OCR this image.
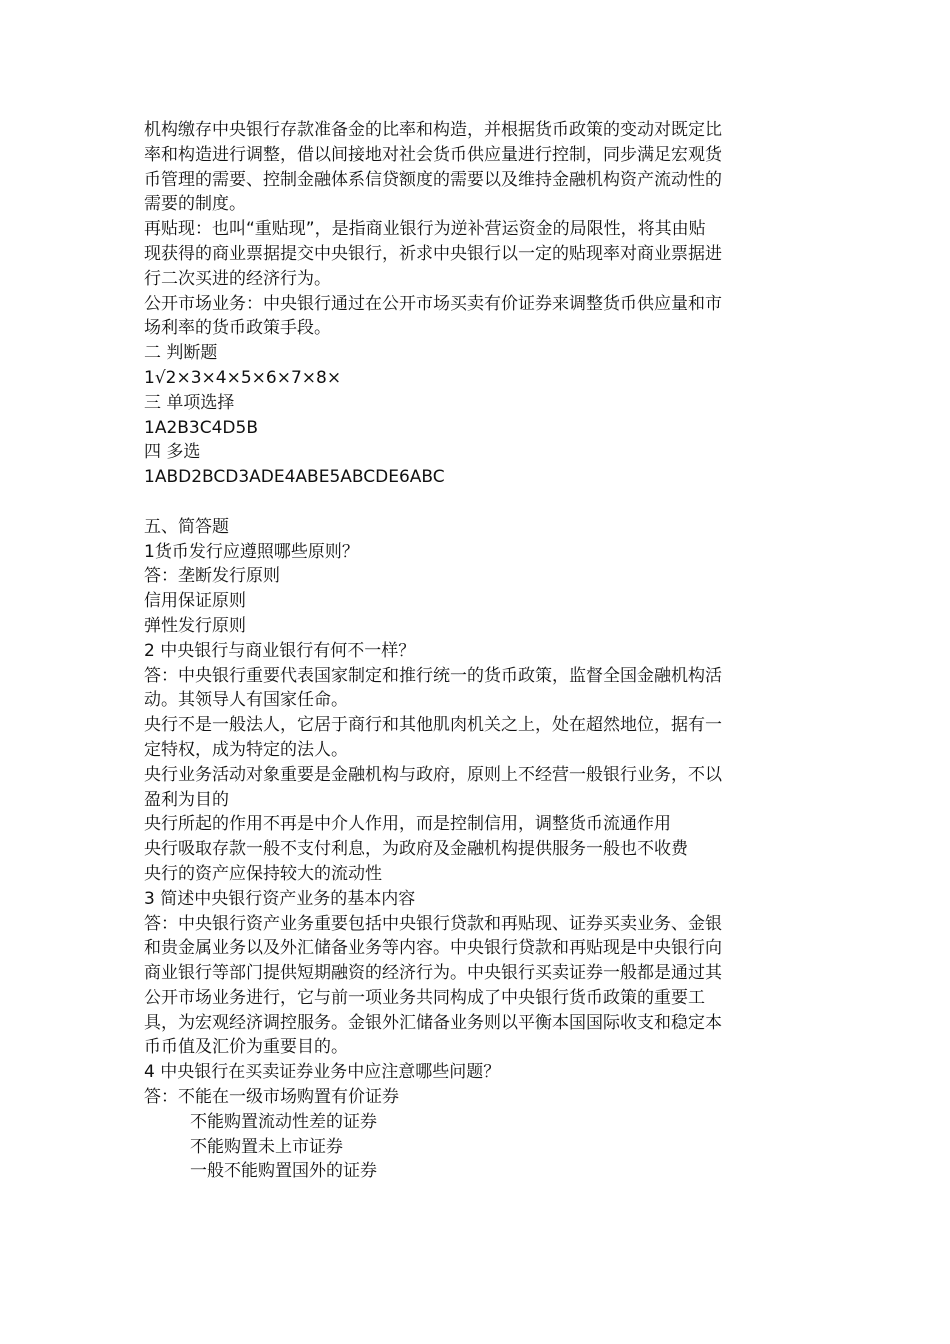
机构缴存中央银行存款准备金的比率和构造，并根据货币政策的变动对既定比
率和构造进行调整，借以间接地对社会货币供应量进行控制，同步满足宏观货
币管理的需要、控制金融体系信贷额度的需要以及维持金融机构资产流动性的
需要的制度。
再贴现：也叫“重贴现”，是指商业银行为逆补营运资金的局限性，将其由贴
现获得的商业票据提交中央银行，祈求中央银行以一定的贴现率对商业票据进
行二次买进的经济行为。
公开市场业务：中央银行通过在公开市场买卖有价证券来调整货币供应量和市
场利率的货币政策手段。
二 判断题
1√2×3×4×5×6×7×8×
三 单项选择
1A2B3C4D5B
四 多选
1ABD2BCD3ADE4ABE5ABCDE6ABC
五、简答题
1货币发行应遵照哪些原则？
答：垄断发行原则
信用保证原则
弹性发行原则
2 中央银行与商业银行有何不一样？
答：中央银行重要代表国家制定和推行统一的货币政策，监督全国金融机构活
动。其领导人有国家任命。
央行不是一般法人，它居于商行和其他肌肉机关之上，处在超然地位，据有一
定特权，成为特定的法人。
央行业务活动对象重要是金融机构与政府，原则上不经营一般银行业务，不以
盈利为目的
央行所起的作用不再是中介人作用，而是控制信用，调整货币流通作用
央行吸取存款一般不支付利息，为政府及金融机构提供服务一般也不收费
央行的资产应保持较大的流动性
3 简述中央银行资产业务的基本内容
答：中央银行资产业务重要包括中央银行贷款和再贴现、证券买卖业务、金银
和贵金属业务以及外汇储备业务等内容。中央银行贷款和再贴现是中央银行向
商业银行等部门提供短期融资的经济行为。中央银行买卖证券一般都是通过其
公开市场业务进行，它与前一项业务共同构成了中央银行货币政策的重要工
具，为宏观经济调控服务。金银外汇储备业务则以平衡本国国际收支和稳定本
币币值及汇价为重要目的。
4 中央银行在买卖证券业务中应注意哪些问题？
答：不能在一级市场购置有价证券
不能购置流动性差的证券
不能购置未上市证券
一般不能购置国外的证券
